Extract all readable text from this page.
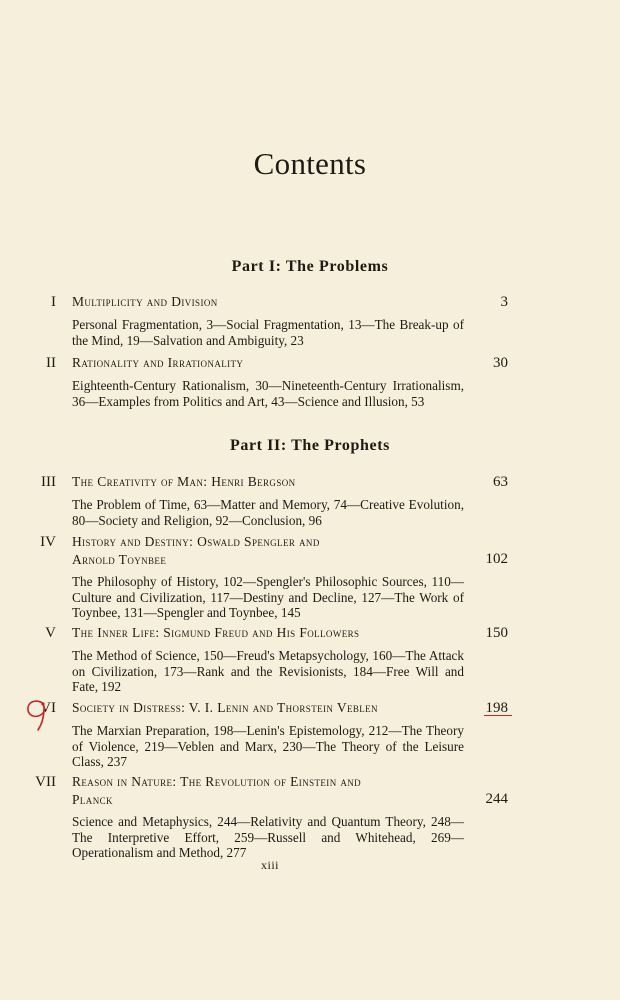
Contents
Part I: The Problems
Part II: The Prophets
I Multiplicity and Division	3
Personal Fragmentation, 3—Social Fragmentation, 13—The Break-up of the Mind, 19—Salvation and Ambiguity, 23
II Rationality and Irrationality	30
Eighteenth-Century Rationalism, 30—Nineteenth-Century Irrationalism, 36—Examples from Politics and Art, 43—Science and Illusion, 53
III The Creativity of Man: Henri Bergson	63
The Problem of Time, 63—Matter and Memory, 74—Creative Evolution, 80—Society and Religion, 92—Conclusion, 96
IV History and Destiny: Oswald Spengler and
Arnold Toynbee	102
The Philosophy of History, 102—Spengler's Philosophic Sources, 110—Culture and Civilization, 117—Destiny and Decline, 127—The Work of Toynbee, 131—Spengler and Toynbee, 145
V The Inner Life: Sigmund Freud and His Followers	150
The Method of Science, 150—Freud's Metapsychology, 160—The Attack on Civilization, 173—Rank and the Revisionists, 184—Free Will and Fate, 192
VI Society in Distress: V. I. Lenin and Thorstein Veblen	198
The Marxian Preparation, 198—Lenin's Epistemology, 212—The Theory of Violence, 219—Veblen and Marx, 230—The Theory of the Leisure Class, 237
VII Reason in Nature: The Revolution of Einstein and
Planck	244
Science and Metaphysics, 244—Relativity and Quantum Theory, 248—The Interpretive Effort, 259—Russell and Whitehead, 269—Operationalism and Method, 277
xiii
